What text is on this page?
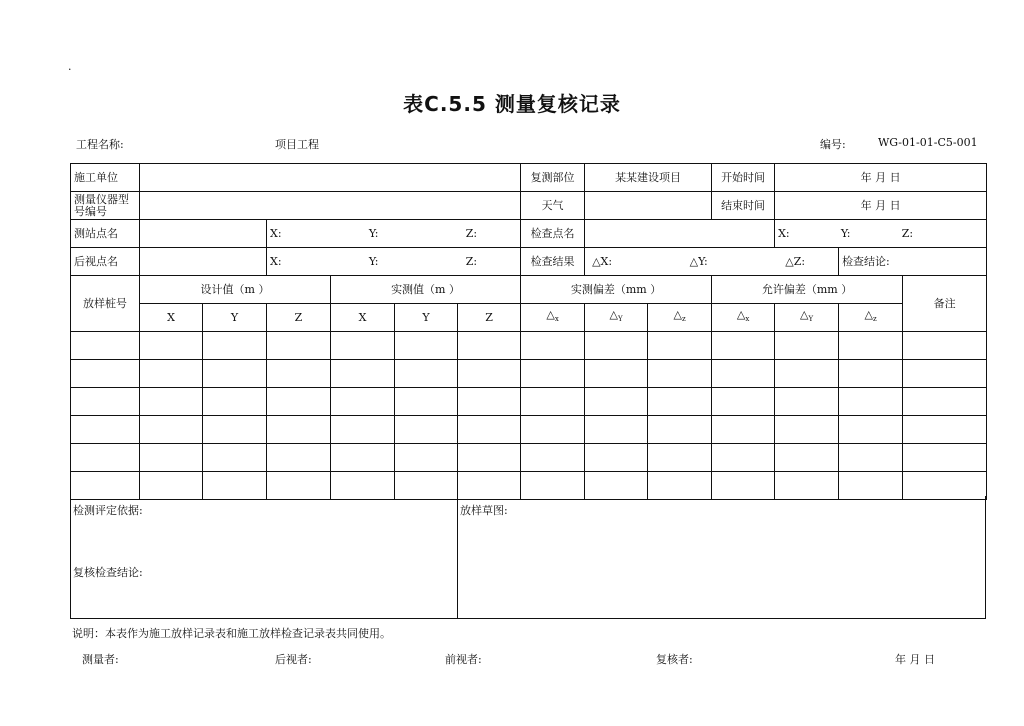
.
表C.5.5 测量复核记录
工程名称:	项目工程	编号:	WG-01-01-C5-001
施工单位							复测部位	某某建设项目		开始时间	年 月 日		
测量仪器型号编号							天气			结束时间	年 月 日		
测站点名			X: Y: Z:				检查点名				X: Y: Z:		

后视点名			X: Y: Z:				检查结果	△X: △Y: △Z:				检查结论:	
放样桩号	设计值（m ）			实测值（m ）			实测偏差（mm ）			允许偏差（mm ）			备注
	X	Y	Z	X	Y	Z	$\triangle_x$	$\triangle_Y$	$\triangle_z$	$\triangle_x$	$\triangle_Y$	$\triangle_z$

检测评定依据:
复核检查结论:
放样草图:
说明：本表作为施工放样记录表和施工放样检查记录表共同使用。
测量者:	后视者:	前视者:	复核者:	年 月 日
